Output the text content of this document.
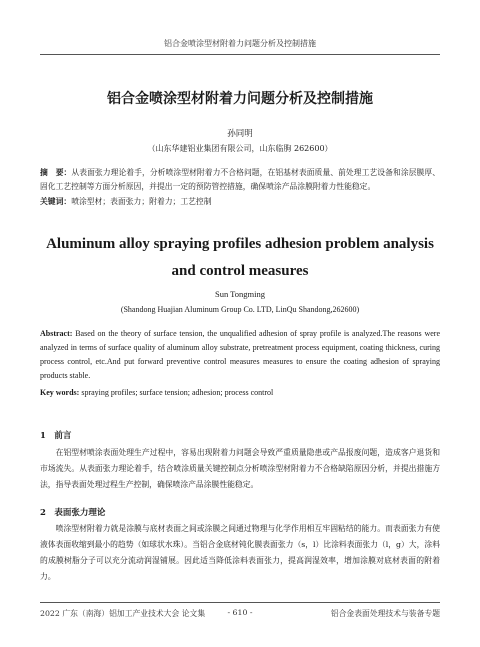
铝合金喷涂型材附着力问题分析及控制措施
铝合金喷涂型材附着力问题分析及控制措施
孙同明
（山东华建铝业集团有限公司，山东临朐 262600）
摘　要：从表面张力理论着手，分析喷涂型材附着力不合格问题，在铝基材表面质量、前处理工艺设备和涂层膜厚、固化工艺控制等方面分析原因，并提出一定的预防管控措施，确保喷涂产品涂膜附着力性能稳定。
关键词：喷涂型材；表面张力；附着力；工艺控制
Aluminum alloy spraying profiles adhesion problem analysis and control measures
Sun Tongming
(Shandong Huajian Aluminum Group Co. LTD, LinQu Shandong,262600)
Abstract: Based on the theory of surface tension, the unqualified adhesion of spray profile is analyzed.The reasons were analyzed in terms of surface quality of aluminum alloy substrate, pretreatment process equipment, coating thickness, curing process control, etc.And put forward preventive control measures measures to ensure the coating adhesion of spraying products stable.
Key words: spraying profiles; surface tension; adhesion; process control
1　前言
在铝型材喷涂表面处理生产过程中，容易出现附着力问题会导致严重质量隐患或产品报废问题，造成客户退货和市场流失。从表面张力理论着手，结合喷涂质量关键控制点分析喷涂型材附着力不合格缺陷原因分析，并提出措施方法，指导表面处理过程生产控制，确保喷涂产品涂膜性能稳定。
2　表面张力理论
喷涂型材附着力就是涂膜与底材表面之间或涂膜之间通过物理与化学作用相互牢固粘结的能力。而表面张力有使液体表面收缩到最小的趋势（如球状水珠）。当铝合金底材钝化膜表面张力（s，l）比涂料表面张力（l，g）大，涂料的成膜树脂分子可以充分流动润湿铺展。因此适当降低涂料表面张力，提高润湿效率，增加涂膜对底材表面的附着力。
2022 广东（南海）铝加工产业技术大会 论文集	- 610 -	铝合金表面处理技术与装备专题
